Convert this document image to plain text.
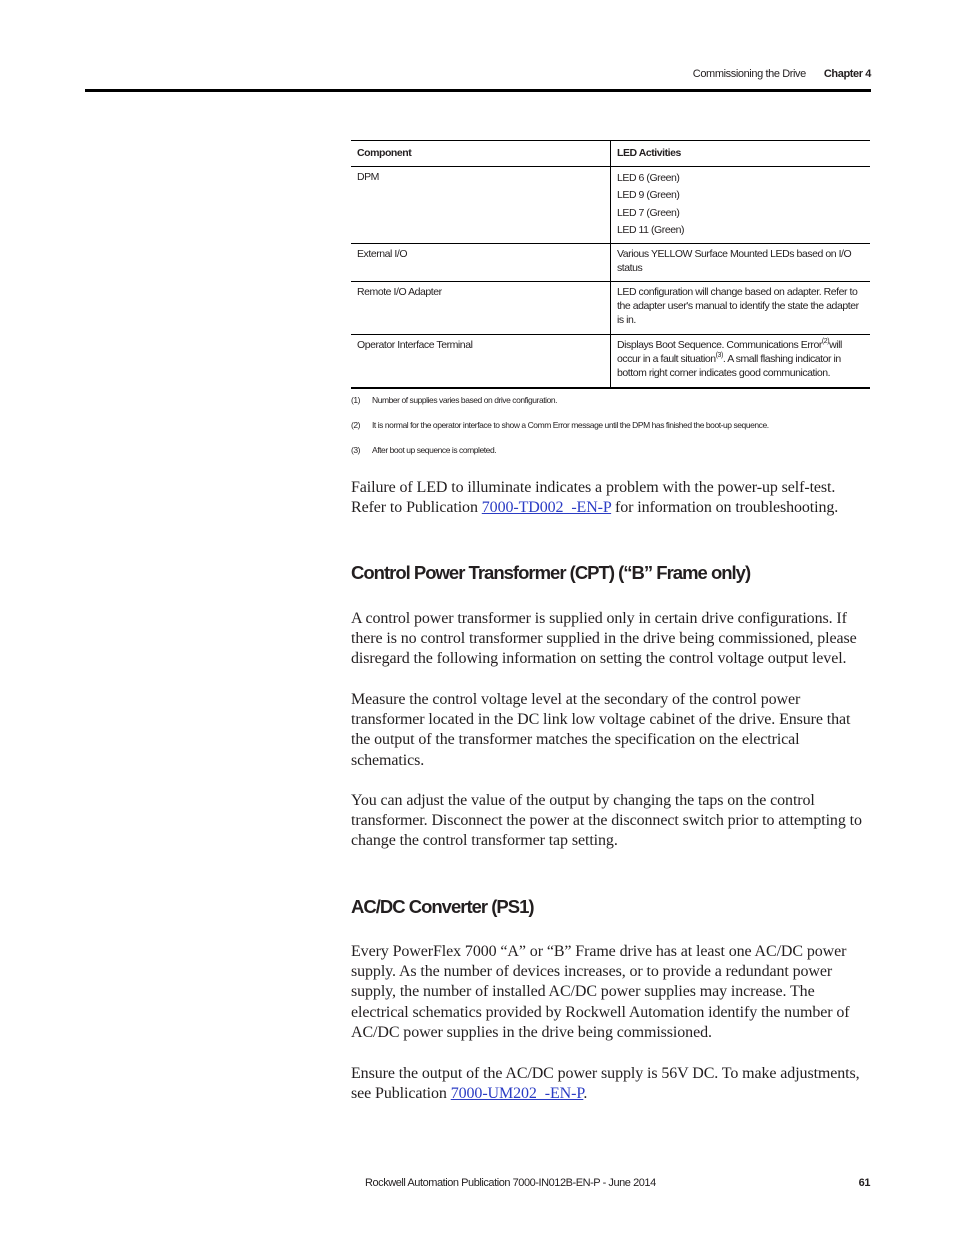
Commissioning the Drive Chapter 4
Component	LED Activities
DPM	LED 6 (Green)
LED 9 (Green)
LED 7 (Green)
LED 11 (Green)

External I/O	Various YELLOW Surface Mounted LEDs based on I/O status
Remote I/O Adapter	LED configuration will change based on adapter. Refer to the adapter user's manual to identify the state the adapter is in.
Operator Interface Terminal	Displays Boot Sequence. Communications Error$^{(2)}$will occur in a fault situation$^{(3)}$. A small flashing indicator in bottom right corner indicates good communication.
(1) Number of supplies varies based on drive configuration.
(2) It is normal for the operator interface to show a Comm Error message until the DPM has finished the boot-up sequence.
(3) After boot up sequence is completed.
Failure of LED to illuminate indicates a problem with the power-up self-test. Refer to Publication 7000-TD002_-EN-P for information on troubleshooting.
Control Power Transformer (CPT) (“B” Frame only)
A control power transformer is supplied only in certain drive configurations. If there is no control transformer supplied in the drive being commissioned, please disregard the following information on setting the control voltage output level.
Measure the control voltage level at the secondary of the control power transformer located in the DC link low voltage cabinet of the drive. Ensure that the output of the transformer matches the specification on the electrical schematics.
You can adjust the value of the output by changing the taps on the control transformer. Disconnect the power at the disconnect switch prior to attempting to change the control transformer tap setting.
AC/DC Converter (PS1)
Every PowerFlex 7000 “A” or “B” Frame drive has at least one AC/DC power supply. As the number of devices increases, or to provide a redundant power supply, the number of installed AC/DC power supplies may increase. The electrical schematics provided by Rockwell Automation identify the number of AC/DC power supplies in the drive being commissioned.
Ensure the output of the AC/DC power supply is 56V DC. To make adjustments, see Publication 7000-UM202_-EN-P.
Rockwell Automation Publication 7000-IN012B-EN-P - June 2014	61
